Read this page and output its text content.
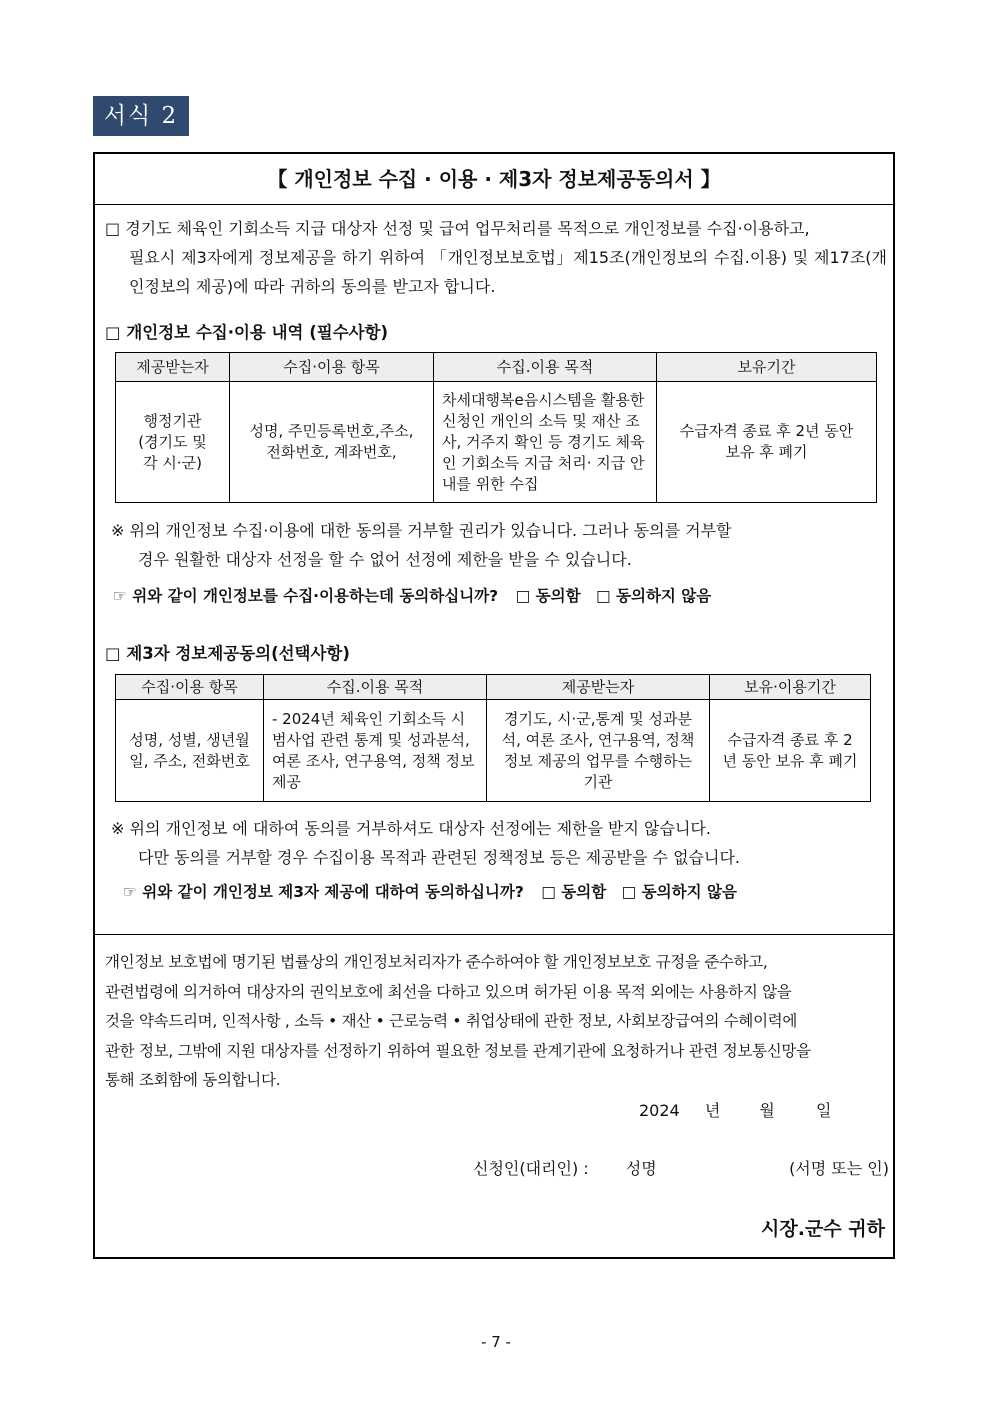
서식 2
【 개인정보 수집 · 이용 · 제3자 정보제공동의서 】
□ 경기도 체육인 기회소득 지급 대상자 선정 및 급여 업무처리를 목적으로 개인정보를 수집·이용하고,
필요시 제3자에게 정보제공을 하기 위하여 「개인정보보호법」제15조(개인정보의 수집.이용) 및 제17조(개인정보의 제공)에 따라 귀하의 동의를 받고자 합니다.
□ 개인정보 수집·이용 내역 (필수사항)
제공받는자	수집·이용 항목	수집.이용 목적	보유기간
행정기관 (경기도 및 각 시·군)	성명, 주민등록번호,주소, 전화번호, 계좌번호,	차세대행복e음시스템을 활용한 신청인 개인의 소득 및 재산 조사, 거주지 확인 등 경기도 체육인 기회소득 지급 처리· 지급 안내를 위한 수집	수급자격 종료 후 2년 동안 보유 후 폐기
※ 위의 개인정보 수집·이용에 대한 동의를 거부할 권리가 있습니다. 그러나 동의를 거부할
경우 원활한 대상자 선정을 할 수 없어 선정에 제한을 받을 수 있습니다.
☞ 위와 같이 개인정보를 수집·이용하는데 동의하십니까? □ 동의함 □ 동의하지 않음
□ 제3자 정보제공동의(선택사항)
수집·이용 항목	수집.이용 목적	제공받는자	보유·이용기간
성명, 성별, 생년월일, 주소, 전화번호	- 2024년 체육인 기회소득 시범사업 관련 통계 및 성과분석, 여론 조사, 연구용역, 정책 정보제공	경기도, 시·군,통계 및 성과분석, 여론 조사, 연구용역, 정책 정보 제공의 업무를 수행하는 기관	수급자격 종료 후 2년 동안 보유 후 폐기
※ 위의 개인정보 에 대하여 동의를 거부하셔도 대상자 선정에는 제한을 받지 않습니다.
다만 동의를 거부할 경우 수집이용 목적과 관련된 정책정보 등은 제공받을 수 없습니다.
☞ 위와 같이 개인정보 제3자 제공에 대하여 동의하십니까? □ 동의함 □ 동의하지 않음
개인정보 보호법에 명기된 법률상의 개인정보처리자가 준수하여야 할 개인정보보호 규정을 준수하고,
관련법령에 의거하여 대상자의 권익보호에 최선을 다하고 있으며 허가된 이용 목적 외에는 사용하지 않을
것을 약속드리며, 인적사항 , 소득 • 재산 • 근로능력 • 취업상태에 관한 정보, 사회보장급여의 수혜이력에
관한 정보, 그밖에 지원 대상자를 선정하기 위하여 필요한 정보를 관계기관에 요청하거나 관련 정보통신망을
통해 조회함에 동의합니다.
2024 년 월	일
신청인(대리인) : 성명	(서명 또는 인)
시장.군수 귀하
- 7 -
